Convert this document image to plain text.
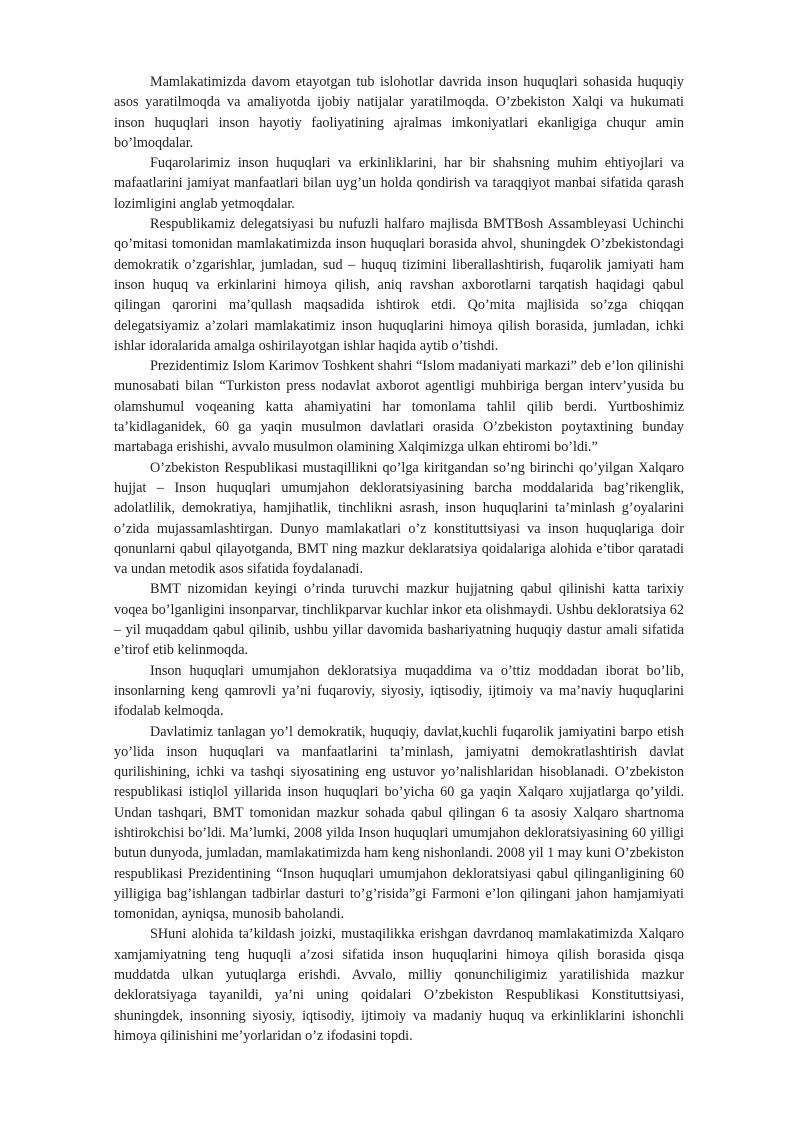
Mamlakatimizda davom etayotgan tub islohotlar davrida inson huquqlari sohasida huquqiy asos yaratilmoqda va amaliyotda ijobiy natijalar yaratilmoqda. O’zbekiston Xalqi va hukumati inson huquqlari inson hayotiy faoliyatining ajralmas imkoniyatlari ekanligiga chuqur amin bo’lmoqdalar.

Fuqarolarimiz inson huquqlari va erkinliklarini, har bir shahsning muhim ehtiyojlari va mafaatlarini jamiyat manfaatlari bilan uyg’un holda qondirish va taraqqiyot manbai sifatida qarash lozimligini anglab yetmoqdalar.

Respublikamiz delegatsiyasi bu nufuzli halfaro majlisda BMTBosh Assambleyasi Uchinchi qo’mitasi tomonidan mamlakatimizda inson huquqlari borasida ahvol, shuningdek O’zbekistondagi demokratik o’zgarishlar, jumladan, sud – huquq tizimini liberallashtirish, fuqarolik jamiyati ham inson huquq va erkinlarini himoya qilish, aniq ravshan axborotlarni tarqatish haqidagi qabul qilingan qarorini ma’qullash maqsadida ishtirok etdi. Qo’mita majlisida so’zga chiqqan delegatsiyamiz a’zolari mamlakatimiz inson huquqlarini himoya qilish borasida, jumladan, ichki ishlar idoralarida amalga oshirilayotgan ishlar haqida aytib o’tishdi.

Prezidentimiz Islom Karimov Toshkent shahri “Islom madaniyati markazi” deb e’lon qilinishi munosabati bilan “Turkiston press nodavlat axborot agentligi muhbiriga bergan interv’yusida bu olamshumul voqeaning katta ahamiyatini har tomonlama tahlil qilib berdi. Yurtboshimiz ta’kidlaganidek, 60 ga yaqin musulmon davlatlari orasida O’zbekiston poytaxtining bunday martabaga erishishi, avvalo musulmon olamining Xalqimizga ulkan ehtiromi bo’ldi.”

O’zbekiston Respublikasi mustaqillikni qo’lga kiritgandan so’ng birinchi qo’yilgan Xalqaro hujjat – Inson huquqlari umumjahon dekloratsiyasining barcha moddalarida bag’rikenglik, adolatlilik, demokratiya, hamjihatlik, tinchlikni asrash, inson huquqlarini ta’minlash g’oyalarini o’zida mujassamlashtirgan. Dunyo mamlakatlari o’z konstituttsiyasi va inson huquqlariga doir qonunlarni qabul qilayotganda, BMT ning mazkur deklaratsiya qoidalariga alohida e’tibor qaratadi va undan metodik asos sifatida foydalanadi.

BMT nizomidan keyingi o’rinda turuvchi mazkur hujjatning qabul qilinishi katta tarixiy voqea bo’lganligini insonparvar, tinchlikparvar kuchlar inkor eta olishmaydi. Ushbu dekloratsiya 62 – yil muqaddam qabul qilinib, ushbu yillar davomida bashariyatning huquqiy dastur amali sifatida e’tirof etib kelinmoqda.

Inson huquqlari umumjahon dekloratsiya muqaddima va o’ttiz moddadan iborat bo’lib, insonlarning keng qamrovli ya’ni fuqaroviy, siyosiy, iqtisodiy, ijtimoiy va ma’naviy huquqlarini ifodalab kelmoqda.

Davlatimiz tanlagan yo’l demokratik, huquqiy, davlat,kuchli fuqarolik jamiyatini barpo etish yo’lida inson huquqlari va manfaatlarini ta’minlash, jamiyatni demokratlashtirish davlat qurilishining, ichki va tashqi siyosatining eng ustuvor yo’nalishlaridan hisoblanadi. O’zbekiston respublikasi istiqlol yillarida inson huquqlari bo’yicha 60 ga yaqin Xalqaro xujjatlarga qo’yildi. Undan tashqari, BMT tomonidan mazkur sohada qabul qilingan 6 ta asosiy Xalqaro shartnoma ishtirokchisi bo’ldi. Ma’lumki, 2008 yilda Inson huquqlari umumjahon dekloratsiyasining 60 yilligi butun dunyoda, jumladan, mamlakatimizda ham keng nishonlandi. 2008 yil 1 may kuni O’zbekiston respublikasi Prezidentining “Inson huquqlari umumjahon dekloratsiyasi qabul qilinganligining 60 yilligiga bag’ishlangan tadbirlar dasturi to’g’risida”gi Farmoni e’lon qilingani jahon hamjamiyati tomonidan, ayniqsa, munosib baholandi.

SHuni alohida ta’kildash joizki, mustaqilikka erishgan davrdanoq mamlakatimizda Xalqaro xamjamiyatning teng huquqli a’zosi sifatida inson huquqlarini himoya qilish borasida qisqa muddatda ulkan yutuqlarga erishdi. Avvalo, milliy qonunchiligimiz yaratilishida mazkur dekloratsiyaga tayanildi, ya’ni uning qoidalari O’zbekiston Respublikasi Konstituttsiyasi, shuningdek, insonning siyosiy, iqtisodiy, ijtimoiy va madaniy huquq va erkinliklarini ishonchli himoya qilinishini me’yorlaridan o’z ifodasini topdi.
